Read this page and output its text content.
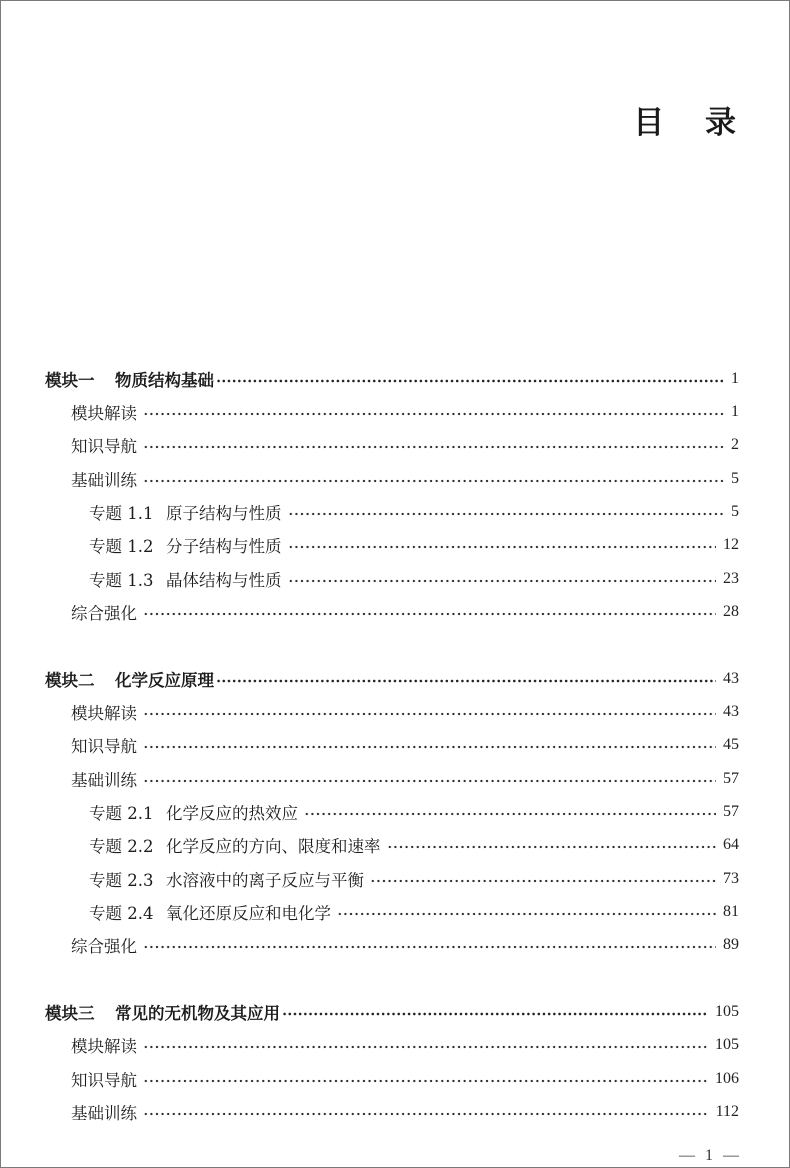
目 录
模块一	物质结构基础	1
模块解读	1
知识导航	2
基础训练	5
专题 1.1 原子结构与性质	5
专题 1.2 分子结构与性质	12
专题 1.3 晶体结构与性质	23
综合强化	28
模块二	化学反应原理	43
模块解读	43
知识导航	45
基础训练	57
专题 2.1 化学反应的热效应	57
专题 2.2 化学反应的方向、限度和速率	64
专题 2.3 水溶液中的离子反应与平衡	73
专题 2.4 氧化还原反应和电化学	81
综合强化	89
模块三	常见的无机物及其应用	105
模块解读	105
知识导航	106
基础训练	112
— 1 —
